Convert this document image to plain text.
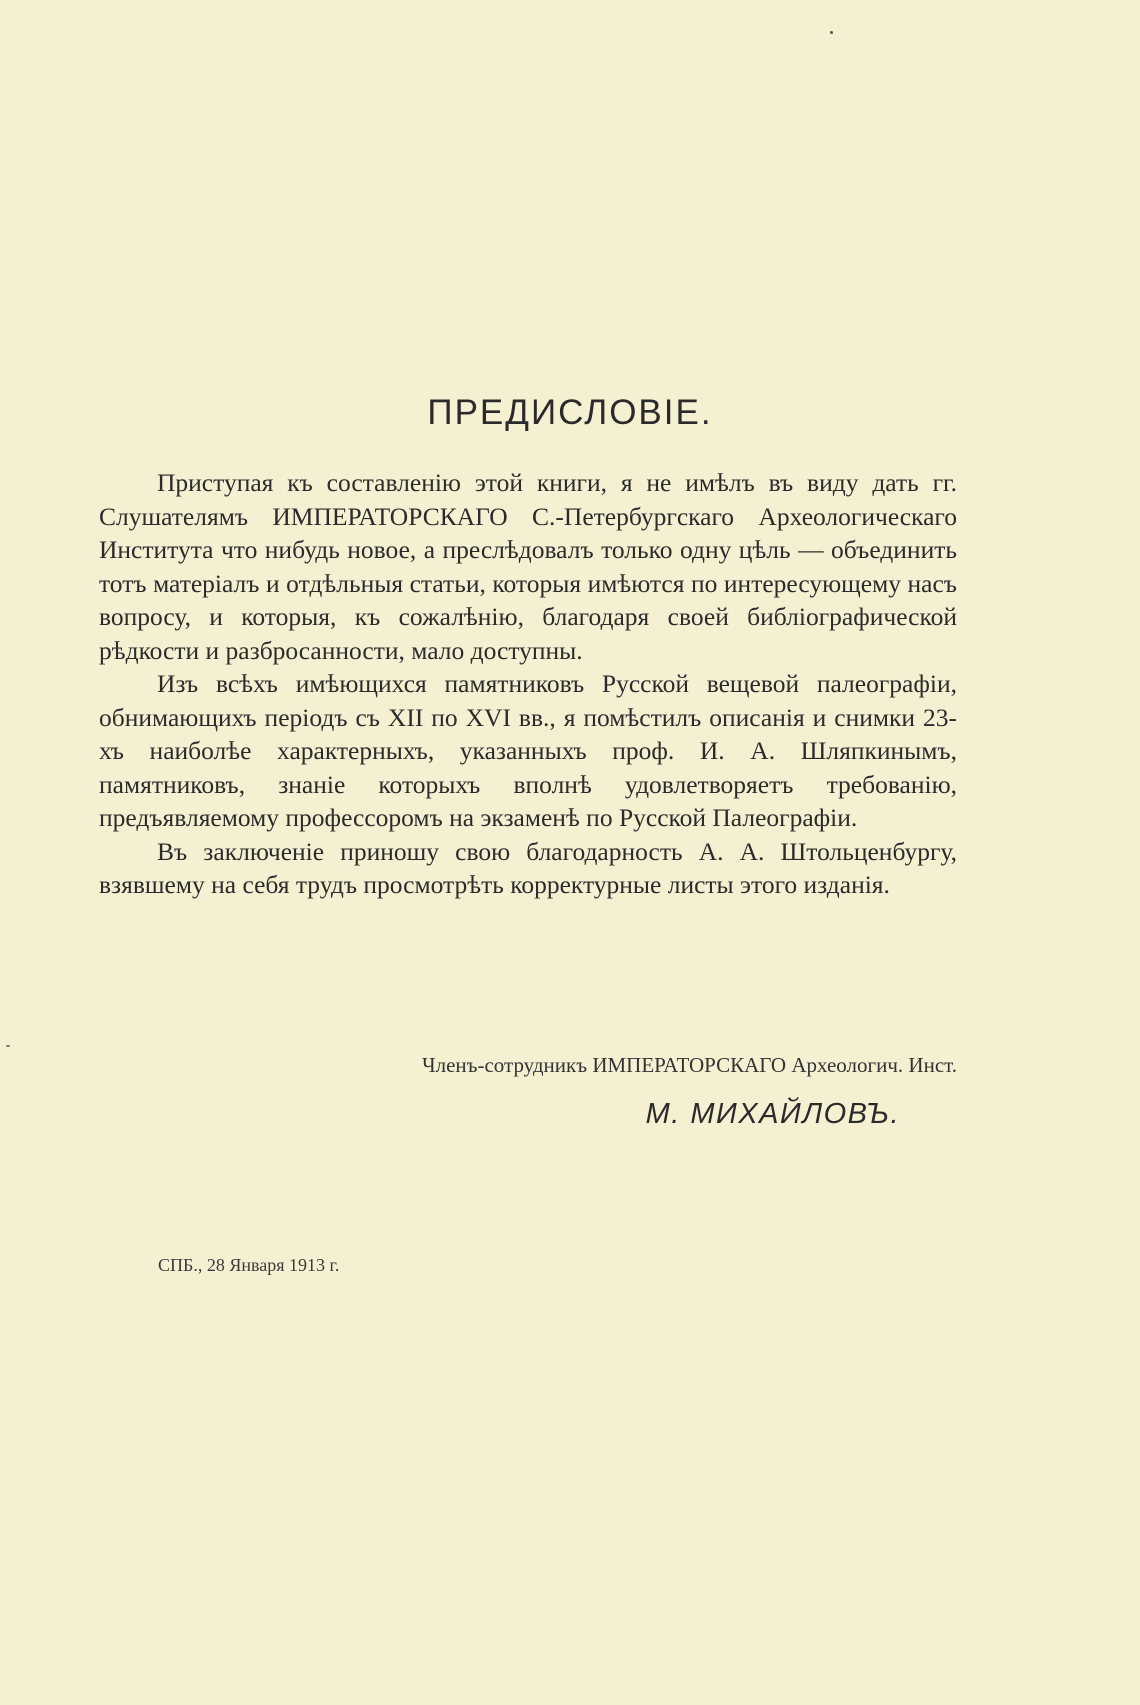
ПРЕДИСЛОВIЕ.

Приступая къ составленію этой книги, я не имѣлъ въ виду дать гг. Слушателямъ ИМПЕРАТОРСКАГО С.-Петербургскаго Археологическаго Института что нибудь новое, а преслѣдовалъ только одну цѣль — объединить тотъ матеріалъ и отдѣльныя статьи, которыя имѣются по интересующему насъ вопросу, и которыя, къ сожалѣнію, благодаря своей библіографической рѣдкости и разбросанности, мало доступны.

Изъ всѣхъ имѣющихся памятниковъ Русской вещевой палеографіи, обнимающихъ періодъ съ XII по XVI вв., я помѣстилъ описанія и снимки 23-хъ наиболѣе характерныхъ, указанныхъ проф. И. А. Шляпкинымъ, памятниковъ, знаніе которыхъ вполнѣ удовлетворяетъ требованію, предъявляемому профессоромъ на экзаменѣ по Русской Палеографіи.

Въ заключеніе приношу свою благодарность А. А. Штольценбургу, взявшему на себя трудъ просмотрѣть корректурные листы этого изданія.

Членъ-сотрудникъ ИМПЕРАТОРСКАГО Археологич. Инст.

М. МИХАЙЛОВЪ.

СПБ., 28 Января 1913 г.
